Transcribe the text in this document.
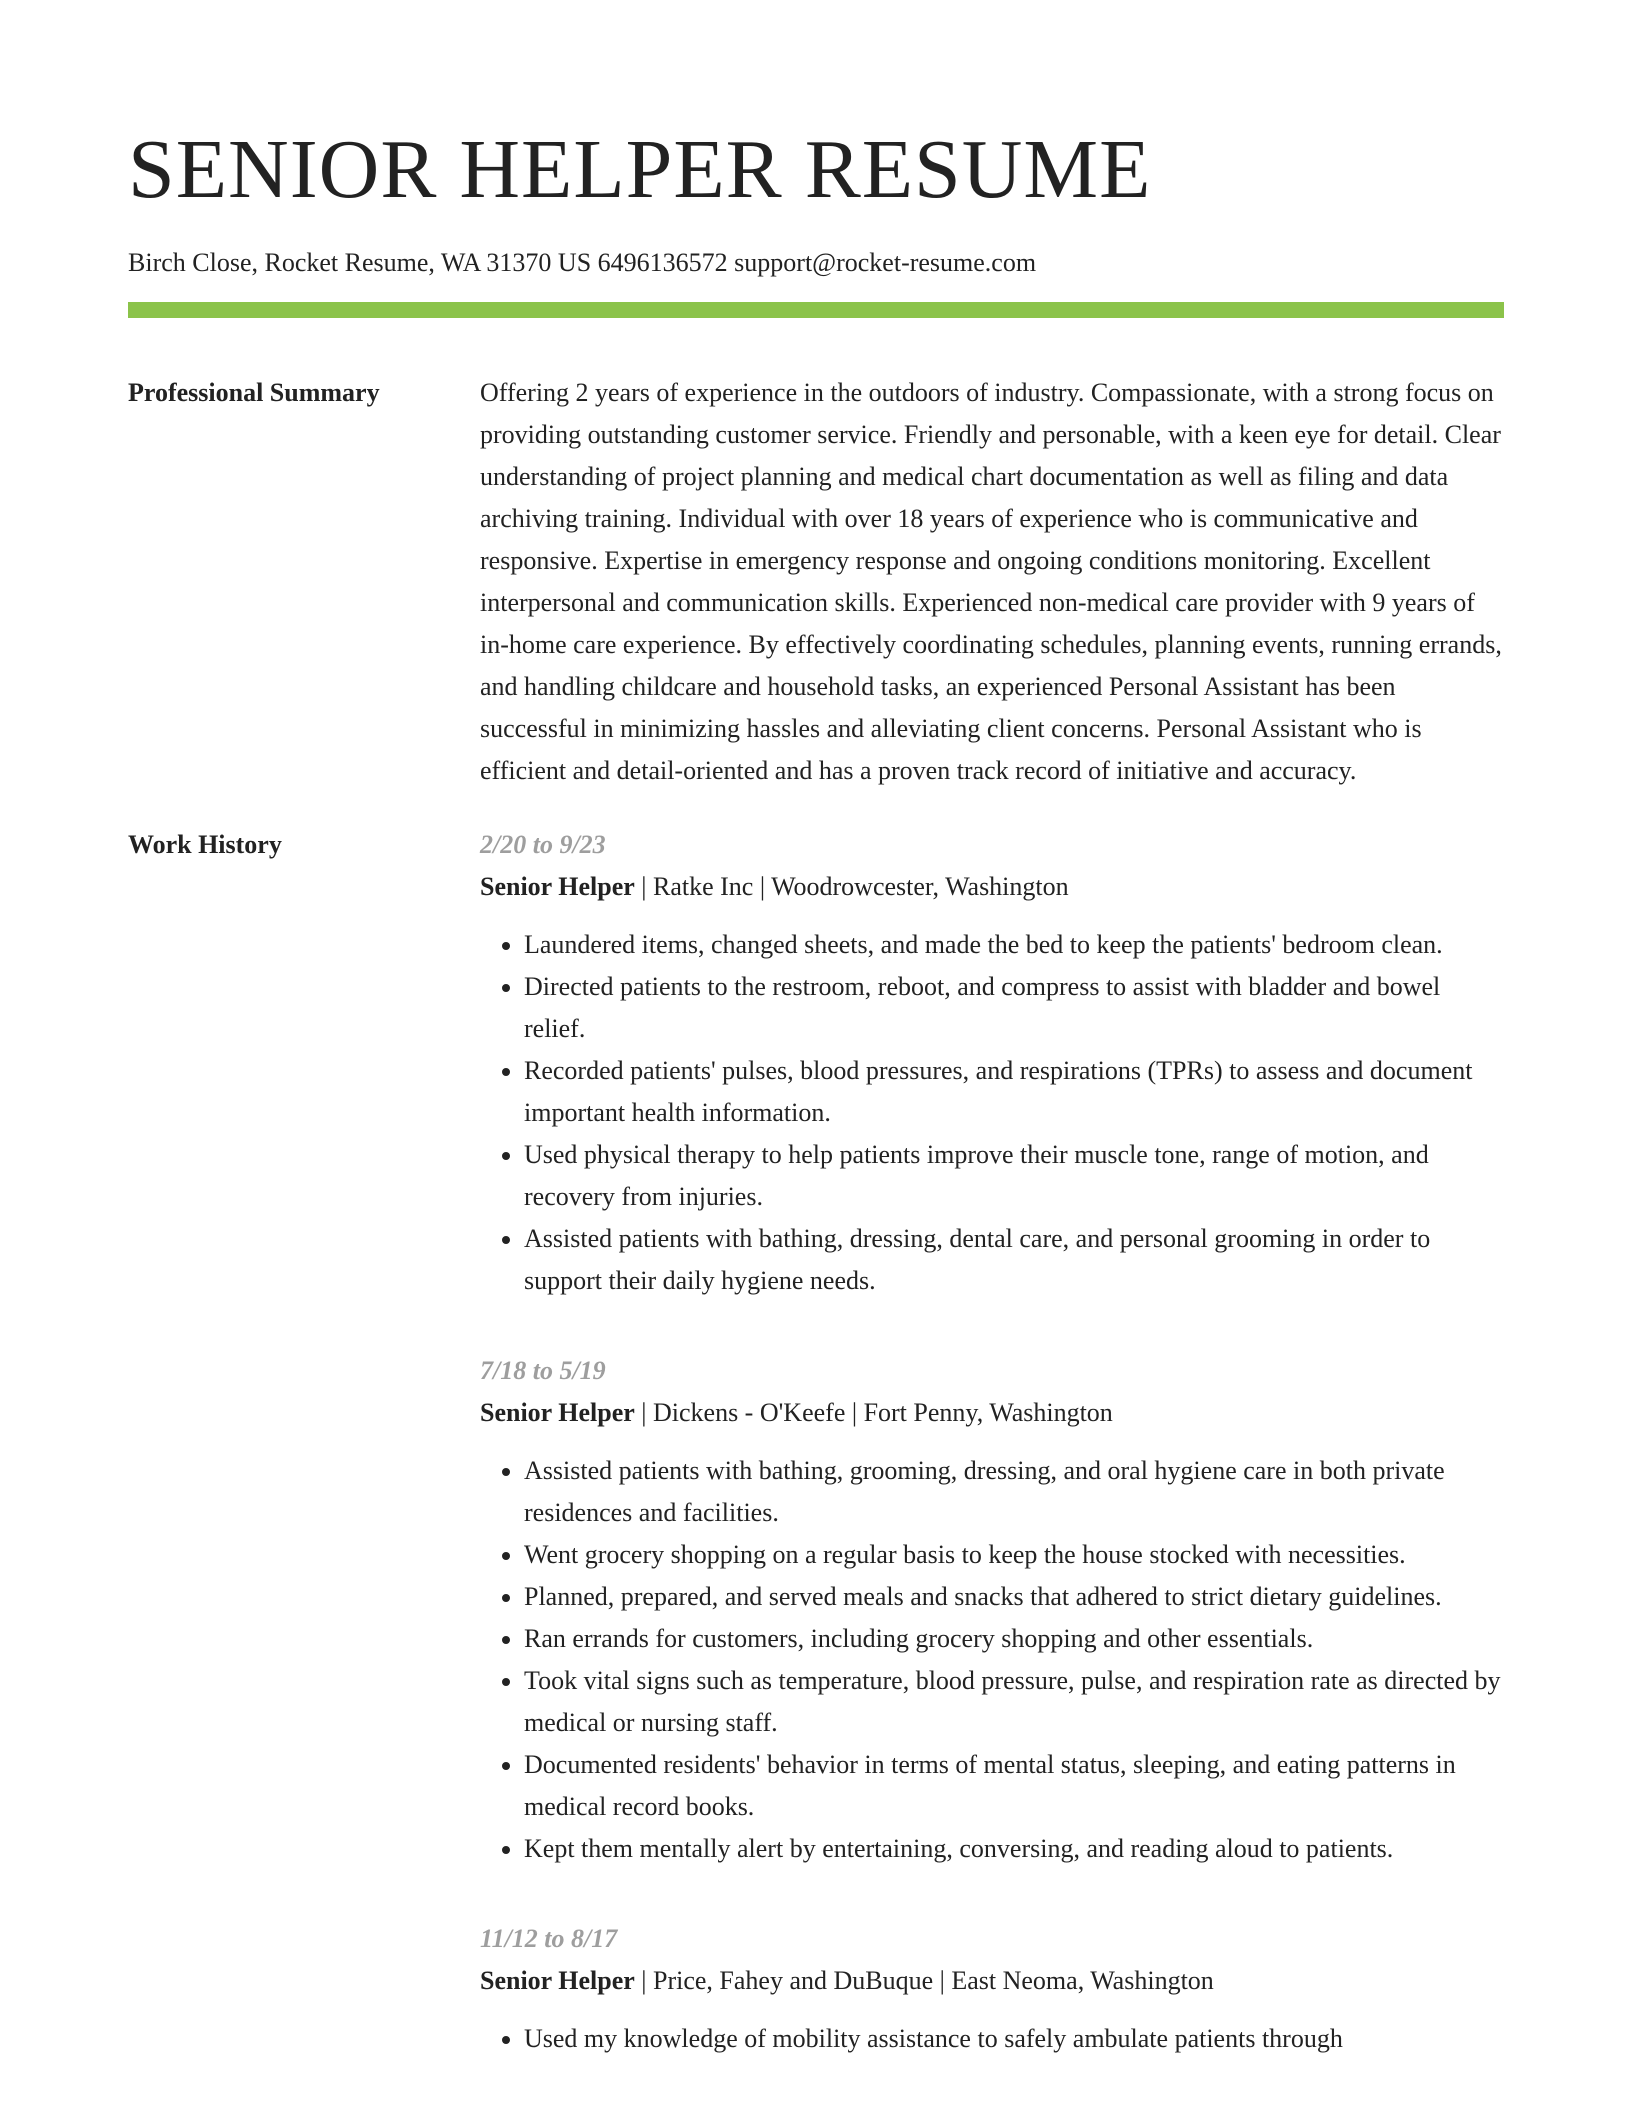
SENIOR HELPER RESUME
Birch Close, Rocket Resume, WA 31370 US 6496136572 support@rocket-resume.com
Professional Summary	Offering 2 years of experience in the outdoors of industry. Compassionate, with a strong focus on providing outstanding customer service. Friendly and personable, with a keen eye for detail. Clear understanding of project planning and medical chart documentation as well as filing and data archiving training. Individual with over 18 years of experience who is communicative and responsive. Expertise in emergency response and ongoing conditions monitoring. Excellent interpersonal and communication skills. Experienced non-medical care provider with 9 years of in-home care experience. By effectively coordinating schedules, planning events, running errands, and handling childcare and household tasks, an experienced Personal Assistant has been successful in minimizing hassles and alleviating client concerns. Personal Assistant who is efficient and detail-oriented and has a proven track record of initiative and accuracy.

Work History	2/20 to 9/23
Senior Helper | Ratke Inc | Woodrowcester, Washington
• Laundered items, changed sheets, and made the bed to keep the patients' bedroom clean.
• Directed patients to the restroom, reboot, and compress to assist with bladder and bowel relief.
• Recorded patients' pulses, blood pressures, and respirations (TPRs) to assess and document important health information.
• Used physical therapy to help patients improve their muscle tone, range of motion, and recovery from injuries.
• Assisted patients with bathing, dressing, dental care, and personal grooming in order to support their daily hygiene needs.
7/18 to 5/19
Senior Helper | Dickens - O'Keefe | Fort Penny, Washington
• Assisted patients with bathing, grooming, dressing, and oral hygiene care in both private residences and facilities.
• Went grocery shopping on a regular basis to keep the house stocked with necessities.
• Planned, prepared, and served meals and snacks that adhered to strict dietary guidelines.
• Ran errands for customers, including grocery shopping and other essentials.
• Took vital signs such as temperature, blood pressure, pulse, and respiration rate as directed by medical or nursing staff.
• Documented residents' behavior in terms of mental status, sleeping, and eating patterns in medical record books.
• Kept them mentally alert by entertaining, conversing, and reading aloud to patients.
11/12 to 8/17
Senior Helper | Price, Fahey and DuBuque | East Neoma, Washington
• Used my knowledge of mobility assistance to safely ambulate patients through
